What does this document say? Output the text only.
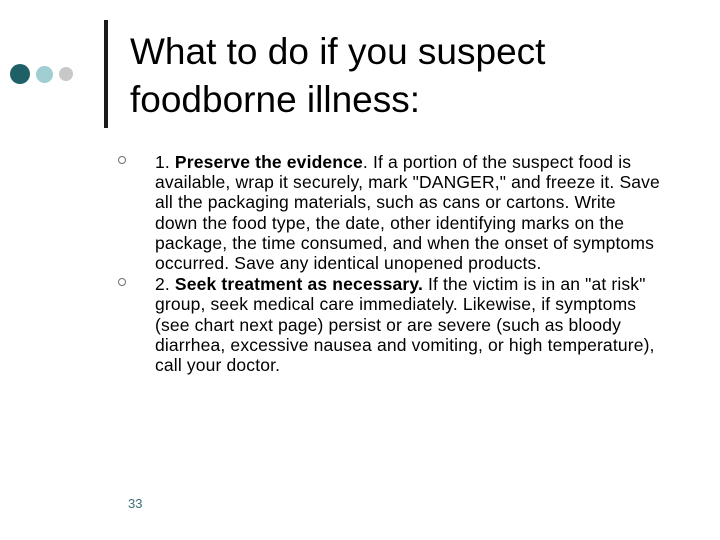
What to do if you suspect foodborne illness:
1. Preserve the evidence. If a portion of the suspect food is available, wrap it securely, mark "DANGER," and freeze it. Save all the packaging materials, such as cans or cartons. Write down the food type, the date, other identifying marks on the package, the time consumed, and when the onset of symptoms occurred. Save any identical unopened products.
2. Seek treatment as necessary. If the victim is in an "at risk" group, seek medical care immediately. Likewise, if symptoms (see chart next page) persist or are severe (such as bloody diarrhea, excessive nausea and vomiting, or high temperature), call your doctor.
33
